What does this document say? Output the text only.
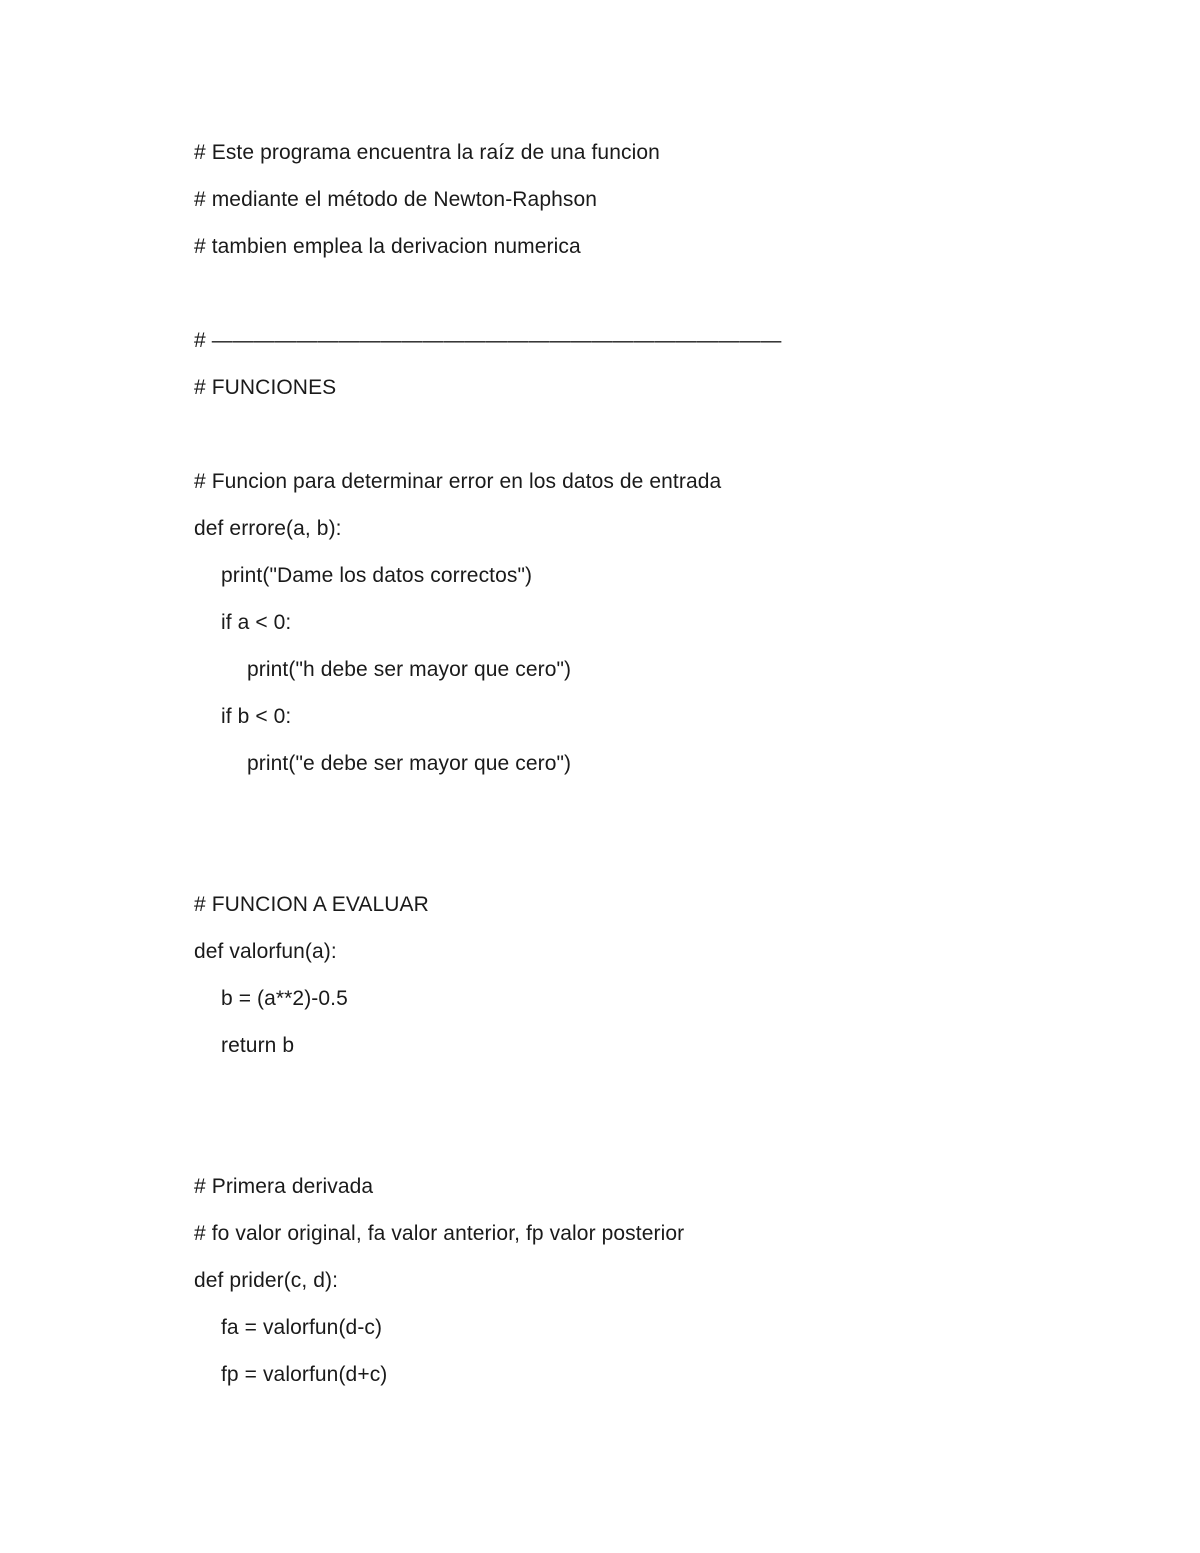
# Este programa encuentra la raíz de una funcion
# mediante el método de Newton-Raphson
# tambien emplea la derivacion numerica
# ———————————————————————————
# FUNCIONES
# Funcion para determinar error en los datos de entrada
def errore(a, b):
print("Dame los datos correctos")
if a < 0:
print("h debe ser mayor que cero")
if b < 0:
print("e debe ser mayor que cero")
# FUNCION A EVALUAR
def valorfun(a):
b = (a**2)-0.5
return b
# Primera derivada
# fo valor original, fa valor anterior, fp valor posterior
def prider(c, d):
fa = valorfun(d-c)
fp = valorfun(d+c)
